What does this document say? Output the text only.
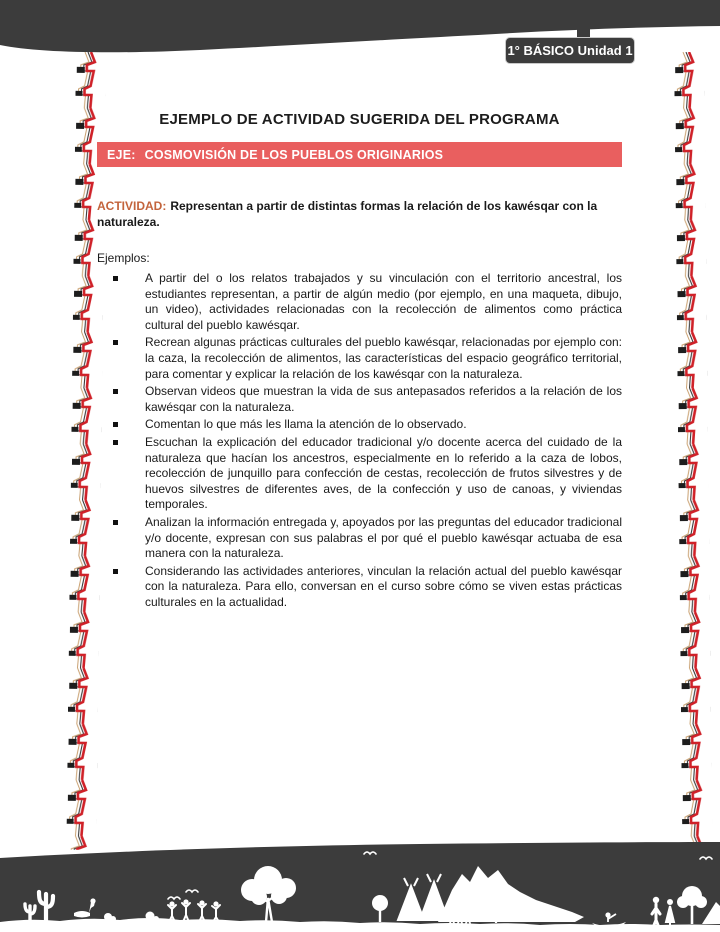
1° BÁSICO Unidad 1
EJEMPLO DE ACTIVIDAD SUGERIDA DEL PROGRAMA
EJE: COSMOVISIÓN DE LOS PUEBLOS ORIGINARIOS

ACTIVIDAD: Representan a partir de distintas formas la relación de los kawésqar con la naturaleza.

Ejemplos:

A partir del o los relatos trabajados y su vinculación con el territorio ancestral, los estudiantes representan, a partir de algún medio (por ejemplo, en una maqueta, dibujo, un video), actividades relacionadas con la recolección de alimentos como práctica cultural del pueblo kawésqar.
Recrean algunas prácticas culturales del pueblo kawésqar, relacionadas por ejemplo con: la caza, la recolección de alimentos, las características del espacio geográfico territorial, para comentar y explicar la relación de los kawésqar con la naturaleza.
Observan videos que muestran la vida de sus antepasados referidos a la relación de los kawésqar con la naturaleza.
Comentan lo que más les llama la atención de lo observado.
Escuchan la explicación del educador tradicional y/o docente acerca del cuidado de la naturaleza que hacían los ancestros, especialmente en lo referido a la caza de lobos, recolección de junquillo para confección de cestas, recolección de frutos silvestres y de huevos silvestres de diferentes aves, de la confección y uso de canoas, y viviendas temporales.
Analizan la información entregada y, apoyados por las preguntas del educador tradicional y/o docente, expresan con sus palabras el por qué el pueblo kawésqar actuaba de esa manera con la naturaleza.
Considerando las actividades anteriores, vinculan la relación actual del pueblo kawésqar con la naturaleza. Para ello, conversan en el curso sobre cómo se viven estas prácticas culturales en la actualidad.
